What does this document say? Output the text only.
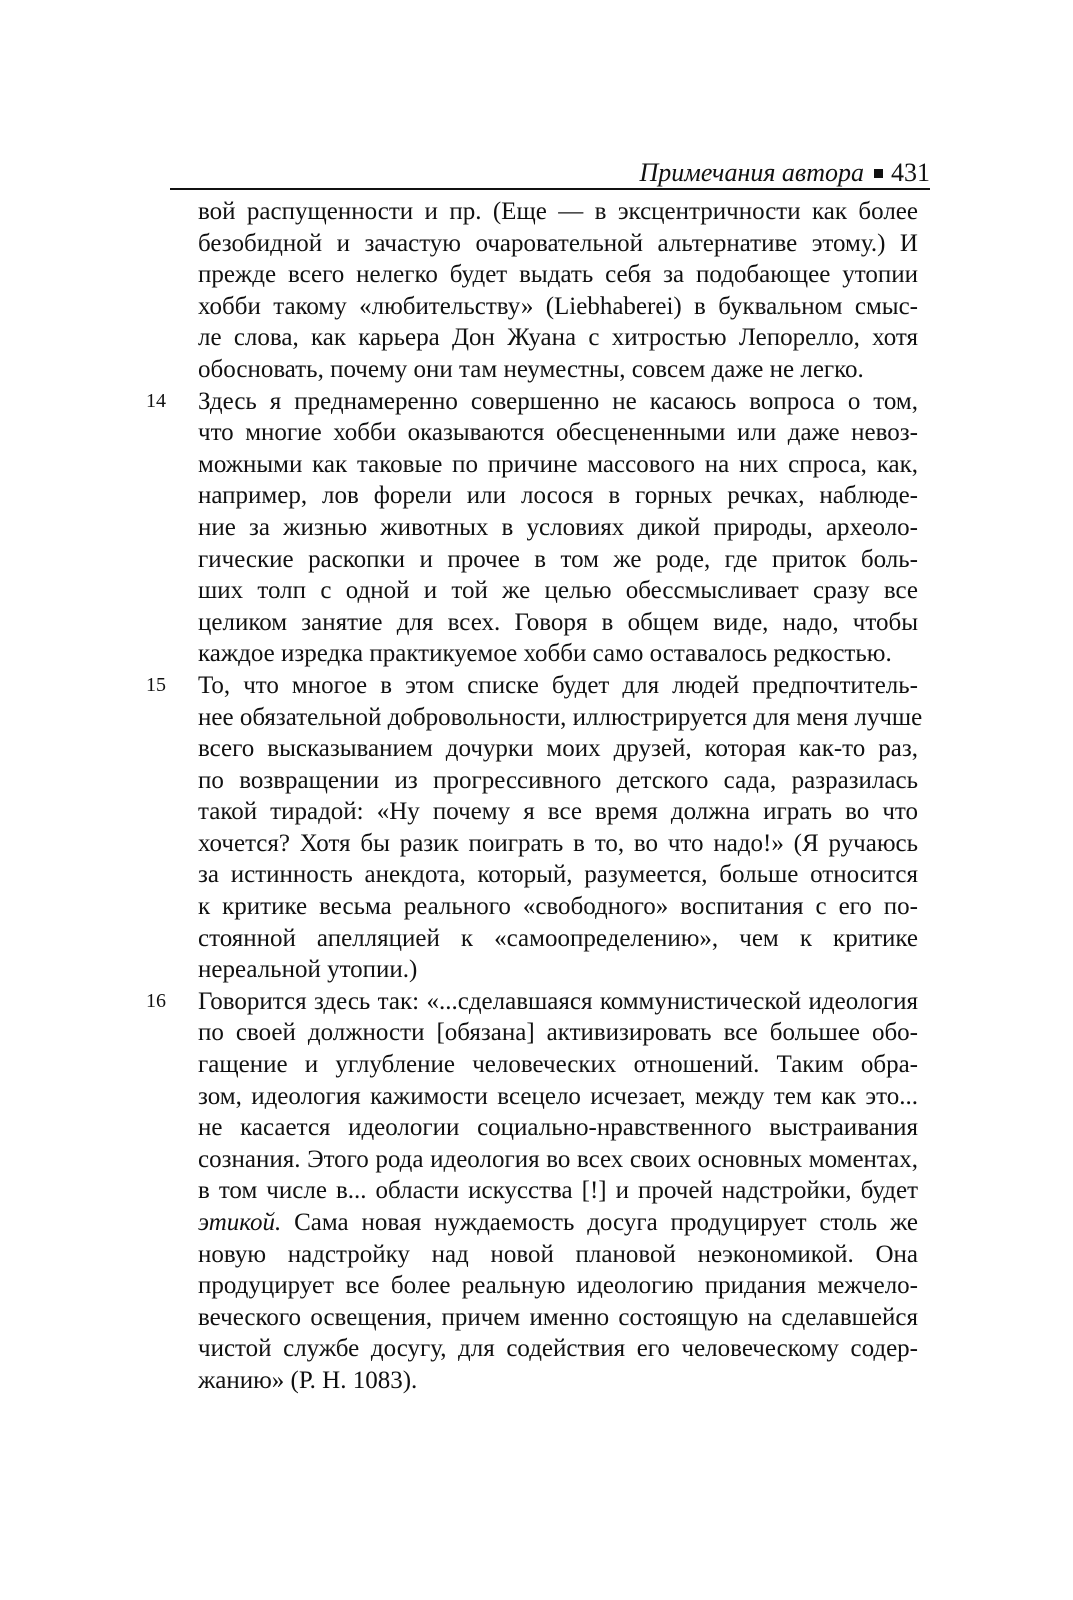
Примечания автора 431
вой распущенности и пр. (Еще — в эксцентричности как более
безобидной и зачастую очаровательной альтернативе этому.) И
прежде всего нелегко будет выдать себя за подобающее утопии
хобби такому «любительству» (Liebhaberei) в буквальном смыс-
ле слова, как карьера Дон Жуана с хитростью Лепорелло, хотя
обосновать, почему они там неуместны, совсем даже не легко.
14 Здесь я преднамеренно совершенно не касаюсь вопроса о том,
что многие хобби оказываются обесцененными или даже невоз-
можными как таковые по причине массового на них спроса, как,
например, лов форели или лосося в горных речках, наблюде-
ние за жизнью животных в условиях дикой природы, археоло-
гические раскопки и прочее в том же роде, где приток боль-
ших толп с одной и той же целью обессмысливает сразу все
целиком занятие для всех. Говоря в общем виде, надо, чтобы
каждое изредка практикуемое хобби само оставалось редкостью.
15 То, что многое в этом списке будет для людей предпочтитель-
нее обязательной добровольности, иллюстрируется для меня лучше
всего высказыванием дочурки моих друзей, которая как-то раз,
по возвращении из прогрессивного детского сада, разразилась
такой тирадой: «Ну почему я все время должна играть во что
хочется? Хотя бы разик поиграть в то, во что надо!» (Я ручаюсь
за истинность анекдота, который, разумеется, больше относится
к критике весьма реального «свободного» воспитания с его по-
стоянной апелляцией к «самоопределению», чем к критике
нереальной утопии.)
16 Говорится здесь так: «...сделавшаяся коммунистической идеология
по своей должности [обязана] активизировать все большее обо-
гащение и углубление человеческих отношений. Таким обра-
зом, идеология кажимости всецело исчезает, между тем как это...
не касается идеологии социально-нравственного выстраивания
сознания. Этого рода идеология во всех своих основных моментах,
в том числе в... области искусства [!] и прочей надстройки, будет
этикой. Сама новая нуждаемость досуга продуцирует столь же
новую надстройку над новой плановой неэкономикой. Она
продуцирует все более реальную идеологию придания межчело-
веческого освещения, причем именно состоящую на сделавшейся
чистой службе досугу, для содействия его человеческому содер-
жанию» (Р. Н. 1083).
